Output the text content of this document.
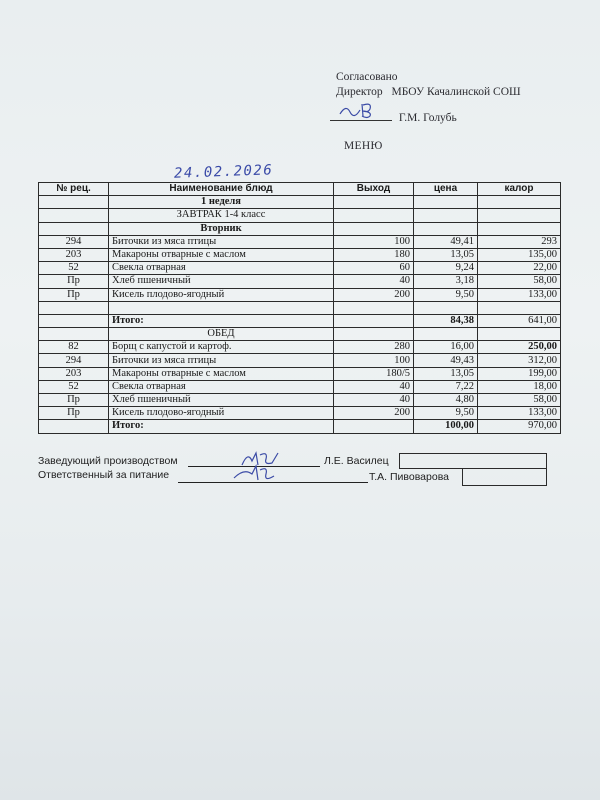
Согласовано
Директор МБОУ Качалинской СОШ
Г.М. Голубь
МЕНЮ
24.02.2026
№ рец.	Наименование блюд	Выход	цена	калор
	1 неделя			
	ЗАВТРАК 1-4 класс			
	Вторник			
294	Биточки из мяса птицы	100	49,41	293
203	Макароны отварные с маслом	180	13,05	135,00
52	Свекла отварная	60	9,24	22,00
Пр	Хлеб пшеничный	40	3,18	58,00
Пр	Кисель плодово-ягодный	200	9,50	133,00

	Итого:		84,38	641,00
	ОБЕД			
82	Борщ с капустой и картоф.	280	16,00	250,00
294	Биточки из мяса птицы	100	49,43	312,00
203	Макароны отварные с маслом	180/5	13,05	199,00
52	Свекла отварная	40	7,22	18,00
Пр	Хлеб пшеничный	40	4,80	58,00
Пр	Кисель плодово-ягодный	200	9,50	133,00
	Итого:		100,00	970,00
Заведующий производством	Л.Е. Василец
Ответственный за питание	Т.А. Пивоварова
